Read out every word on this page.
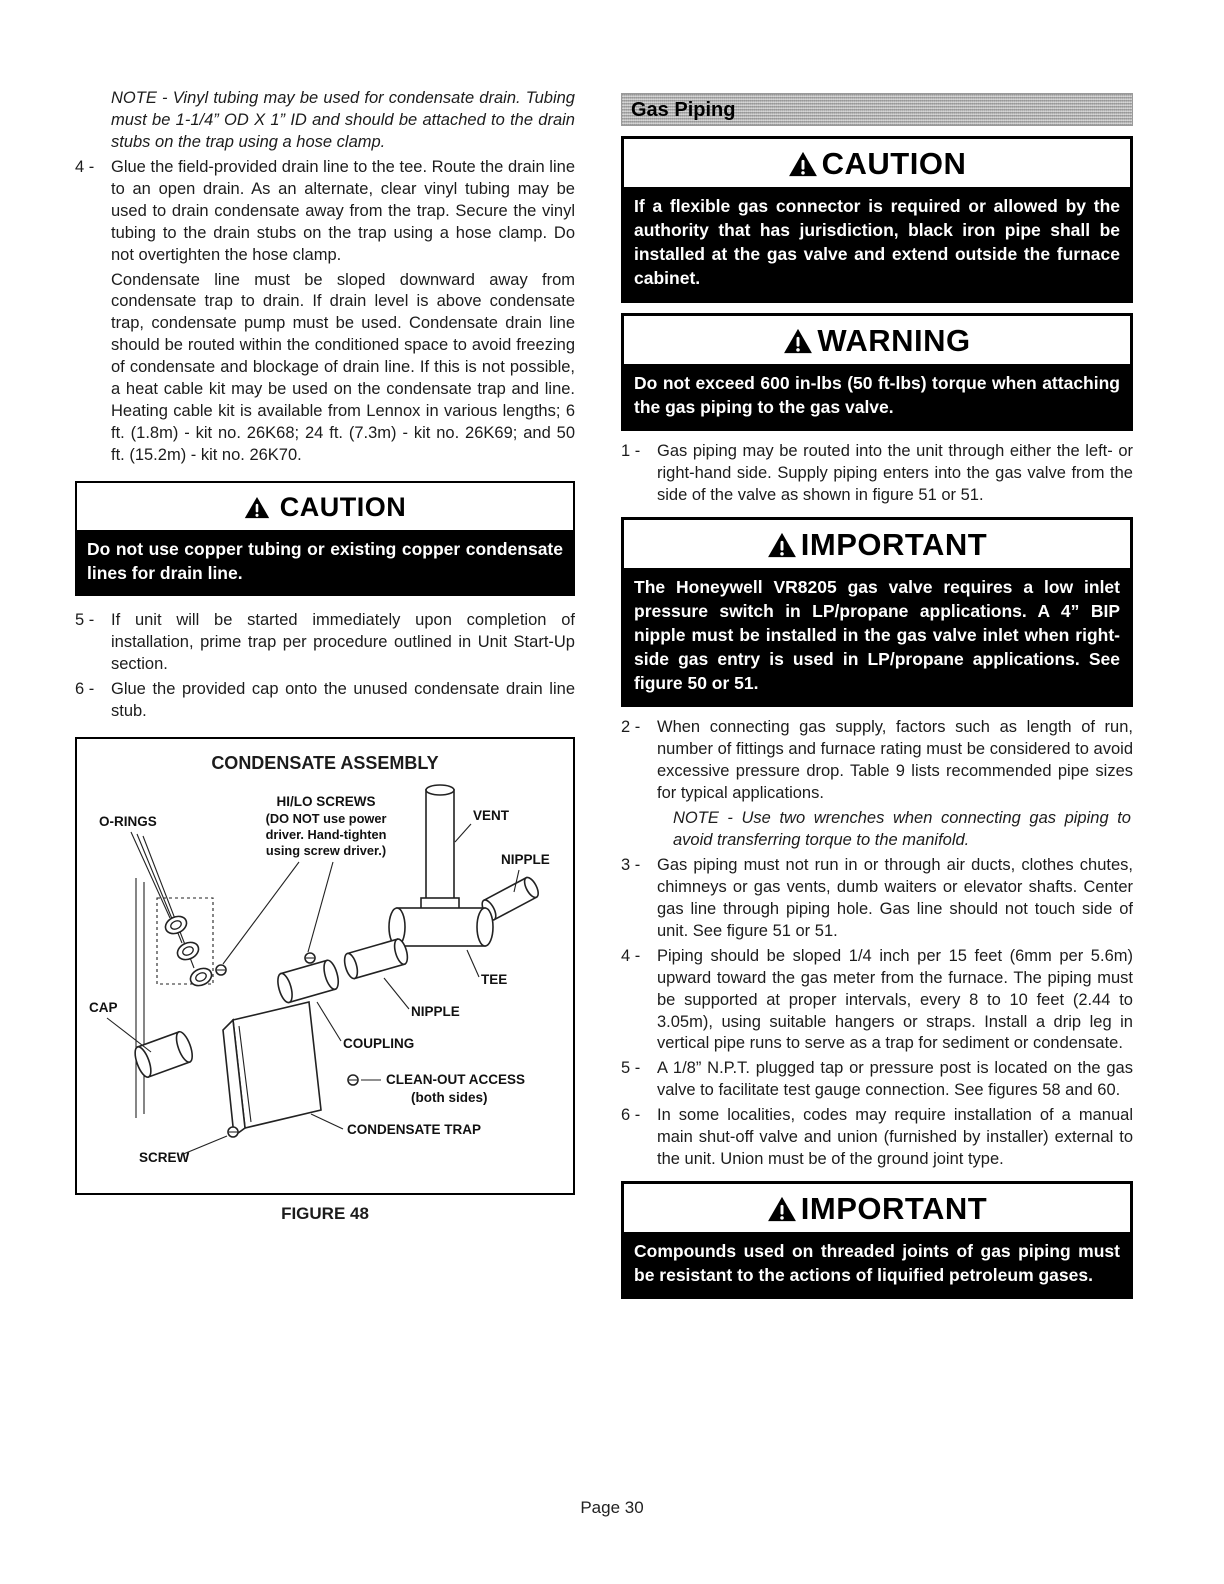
NOTE - Vinyl tubing may be used for condensate drain. Tubing must be 1-1/4” OD X 1” ID and should be attached to the drain stubs on the trap using a hose clamp.

4 -	Glue the field-provided drain line to the tee. Route the drain line to an open drain. As an alternate, clear vinyl tubing may be used to drain condensate away from the trap. Secure the vinyl tubing to the drain stubs on the trap using a hose clamp. Do not overtighten the hose clamp.

Condensate line must be sloped downward away from condensate trap to drain. If drain level is above condensate trap, condensate pump must be used. Condensate drain line should be routed within the conditioned space to avoid freezing of condensate and blockage of drain line. If this is not possible, a heat cable kit may be used on the condensate trap and line. Heating cable kit is available from Lennox in various lengths; 6 ft. (1.8m) - kit no. 26K68; 24 ft. (7.3m) - kit no. 26K69; and 50 ft. (15.2m) - kit no. 26K70.

CAUTION
Do not use copper tubing or existing copper condensate lines for drain line.
5 -	If unit will be started immediately upon completion of installation, prime trap per procedure outlined in Unit Start-Up section.
6 -	Glue the provided cap onto the unused condensate drain line stub.
CONDENSATE ASSEMBLY
O-RINGS
HI/LO SCREWS
(DO NOT use power
driver. Hand-tighten
using screw driver.)
VENT
NIPPLE
TEE
NIPPLE
COUPLING
CLEAN-OUT ACCESS
(both sides)
CONDENSATE TRAP
CAP
SCREW
FIGURE 48
Gas Piping
CAUTION
If a flexible gas connector is required or allowed by the authority that has jurisdiction, black iron pipe shall be installed at the gas valve and extend outside the furnace cabinet.
WARNING
Do not exceed 600 in-lbs (50 ft-lbs) torque when attaching the gas piping to the gas valve.
1 -	Gas piping may be routed into the unit through either the left- or right-hand side. Supply piping enters into the gas valve from the side of the valve as shown in figure 51 or 51.
IMPORTANT
The Honeywell VR8205 gas valve requires a low inlet pressure switch in LP/propane applications. A 4” BIP nipple must be installed in the gas valve inlet when right-side gas entry is used in LP/propane applications. See figure 50 or 51.
2 -	When connecting gas supply, factors such as length of run, number of fittings and furnace rating must be considered to avoid excessive pressure drop. Table 9 lists recommended pipe sizes for typical applications.

NOTE - Use two wrenches when connecting gas piping to avoid transferring torque to the manifold.

3 -	Gas piping must not run in or through air ducts, clothes chutes, chimneys or gas vents, dumb waiters or elevator shafts. Center gas line through piping hole. Gas line should not touch side of unit. See figure 51 or 51.
4 -	Piping should be sloped 1/4 inch per 15 feet (6mm per 5.6m) upward toward the gas meter from the furnace. The piping must be supported at proper intervals, every 8 to 10 feet (2.44 to 3.05m), using suitable hangers or straps. Install a drip leg in vertical pipe runs to serve as a trap for sediment or condensate.
5 -	A 1/8” N.P.T. plugged tap or pressure post is located on the gas valve to facilitate test gauge connection. See figures 58 and 60.
6 -	In some localities, codes may require installation of a manual main shut-off valve and union (furnished by installer) external to the unit. Union must be of the ground joint type.
IMPORTANT
Compounds used on threaded joints of gas piping must be resistant to the actions of liquified petroleum gases.
Page 30
